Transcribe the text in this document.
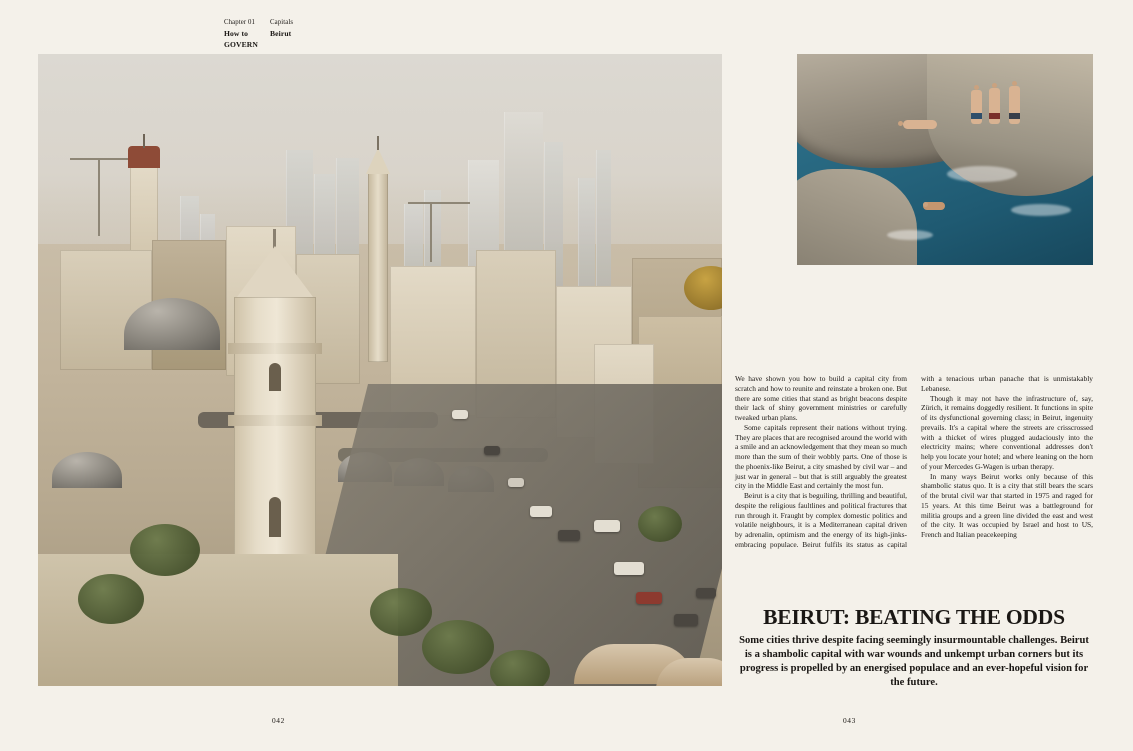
Chapter 01
How to GOVERN
Capitals
Beirut

We have shown you how to build a capital city from scratch and how to reunite and reinstate a broken one. But there are some cities that stand as bright beacons despite their lack of shiny government ministries or carefully tweaked urban plans.

Some capitals represent their nations without trying. They are places that are recognised around the world with a smile and an acknowledgement that they mean so much more than the sum of their wobbly parts. One of those is the phoenix-like Beirut, a city smashed by civil war – and just war in general – but that is still arguably the greatest city in the Middle East and certainly the most fun.

Beirut is a city that is beguiling, thrilling and beautiful, despite the religious faultlines and political fractures that run through it. Fraught by complex domestic politics and volatile neighbours, it is a Mediterranean capital driven by adrenalin, optimism and the energy of its high-jinks-embracing populace. Beirut fulfils its status as capital with a tenacious urban panache that is unmistakably Lebanese.

Though it may not have the infrastructure of, say, Zürich, it remains doggedly resilient. It functions in spite of its dysfunctional governing class; in Beirut, ingenuity prevails. It's a capital where the streets are crisscrossed with a thicket of wires plugged audaciously into the electricity mains; where conventional addresses don't help you locate your hotel; and where leaning on the horn of your Mercedes G-Wagen is urban therapy.

In many ways Beirut works only because of this shambolic status quo. It is a city that still bears the scars of the brutal civil war that started in 1975 and raged for 15 years. At this time Beirut was a battleground for militia groups and a green line divided the east and west of the city. It was occupied by Israel and host to US, French and Italian peacekeeping

BEIRUT: BEATING THE ODDS

Some cities thrive despite facing seemingly insurmountable challenges. Beirut is a shambolic capital with war wounds and unkempt urban corners but its progress is propelled by an energised populace and an ever-hopeful vision for the future.

042	043
